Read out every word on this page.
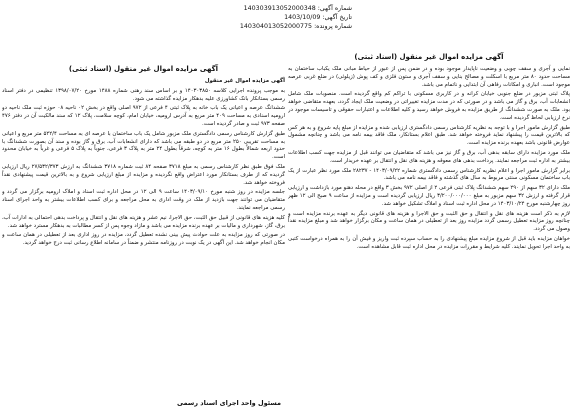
شماره آگهی: 140303913052000348
تاریخ آگهی: 1403/10/09
شماره پرونده: 140304013052000775
آگهی مزایده اموال غیر منقول (اسناد ثبتی)

نمایی و آجری و سقف چوبی و وضعیت ناپایدار موجود بوده و در ضمن پس از عبور از حیاط مبانی ملک یکباب ساختمان به مساحت حدود ۸۰ متر مربع با اسکلت و مصالح بنایی و سقف آجری و ستون فلزی و کف پوش (زیلوئی) در ضلع غربی عرصه موجود است. انباری و امکانات رفاهی آن ابتدایی و ناتمام می باشد.

پلاک ثبتی مزبور در ضلع جنوبی خیابان کرانه و در کاربری مسکونی با تراکم کم واقع گردیده است. منصوبات ملک شامل انشعابات آب، برق و گاز می باشد و در صورتی که در مدت مزایده تغییراتی در وضعیت ملک ایجاد گردد، بعهده متقاضی خواهد بود. ملک به صورت ششدانگ از طریق مزایده به فروش خواهد رسید و کلیه اطلاعات و اعتبارات حقوقی و تاسیسات موجود در نرخ ارزیابی لحاظ گردیده است.

طبق گزارش مامور اجرا و با توجه به نظریه کارشناس رسمی دادگستری ارزیابی شده و مزایده از مبلغ پایه شروع و به هر کس که بالاترین قیمت را پیشنهاد نماید فروخته خواهد شد. طبق اعلام بستانکار، ملک فاقد بیمه نامه می باشد و چنانچه مشمول عوارض قانونی باشد بعهده برنده مزایده است.

ملک مورد مزایده دارای سابقه بدهی آب، برق و گاز نیز می باشد که متقاضیان می توانند قبل از مزایده جهت کسب اطلاعات بیشتر به اداره ثبت مراجعه نمایند. پرداخت بدهی های معوقه و هزینه های نقل و انتقال بر عهده خریدار است.

برابر گزارش مامور اجرا و اعلام نظریه کارشناس رسمی دادگستری شماره ۱۴۰۳/۰۹/۲۲ - ۲۸۲۳۷ ملک مورد نظر عبارت از یک باب ساختمان مسکونی سنتی مربوط به سال های گذشته و فاقد بیمه نامه می باشد.

ملک دارای ۳۲ سهم از ۲۹۰ سهم ششدانگ پلاک ثبتی فرعی ۲ از اصلی ۹۷۲ بخش ۳ واقع در محله دهنو مورد بازداشت و ارزیابی قرار گرفته و ارزش ۳۲ سهم مزبور به مبلغ ۳/۲۰۰/۰۰۰/۰۰۰ ریال ارزیابی گردیده است و مزایده از ساعت ۹ صبح الی ۱۲ ظهر روز چهارشنبه مورخ ۱۴۰۳/۱۰/۲۴ در محل اداره ثبت اسناد و املاک تشکیل خواهد شد.

لازم به ذکر است هزینه های نقل و انتقال و حق الثبت و حق الاجرا و هزینه های قانونی دیگر به عهده برنده مزایده است و چنانچه روز مزایده تعطیل رسمی گردد مزایده روز بعد از تعطیلی در همان ساعت و مکان برگزار خواهد شد و مبلغ مزایده نقداً وصول می گردد.

خواهان مزایده باید قبل از شروع مزایده مبلغ پیشنهادی را به حساب سپرده ثبت واریز و فیش آن را به همراه درخواست کتبی به واحد اجرا تحویل نمایند. کلیه شرایط و مقررات مزایده در محل اداره ثبت قابل مشاهده است.

آگهی مزایده اموال غیر منقول (اسناد ثبتی)

آگهی مزایده اموال غیر منقول

به موجب پرونده اجرایی کلاسه ۱۴۰۳۰۳۸۵۰ و بر اساس سند رهنی شماره ۱۴۸۸ مورخ ۱۳۹۸/۰۷/۲۰ تنظیمی در دفتر اسناد رسمی بستانکار بانک کشاورزی علیه بدهکار مزایده گذاشته می شود.

ششدانگ عرصه و اعیانی یک باب خانه به پلاک ثبتی ۴ فرعی از ۹۷۲ اصلی واقع در بخش ۰۲ ناحیه ۰۸ حوزه ثبت ملک ناحیه دو ارومیه اسنادی به مساحت ۴۰۹ متر مربع به آدرس ارومیه، خیابان امام، کوچه سلامت، پلاک ۱۲ که سند مالکیت آن در دفتر ۴۷۶ صفحه ۹۷۳ ثبت و صادر گردیده است.

طبق گزارش کارشناس رسمی دادگستری ملک مزبور شامل یک باب ساختمان با عرصه ای به مساحت ۵۲۲/۴ متر مربع و اعیانی به مساحت تقریبی ۲۵۰ متر مربع در دو طبقه می باشد که دارای انشعابات آب، برق و گاز بوده و سند آن بصورت ششدانگ با حدود اربعه شمالاً بطول ۱۶ متر به کوچه، شرقاً بطول ۲۴ متر به پلاک ۳ فرعی، جنوباً به پلاک ۵ فرعی و غرباً به خیابان محدود است.

ملک فوق طبق نظر کارشناس رسمی به مبلغ ۳۷۱۸ صفحه ۸۴ ثبت شماره ۳۷۱۸ ششدانگ به ارزش ۲۷/۵۳۲/۳۷۳ ریال ارزیابی گردیده که از طرف بستانکار مورد اعتراض واقع نگردیده و مزایده از مبلغ ارزیابی شروع و به بالاترین قیمت پیشنهادی نقداً فروخته خواهد شد.

جلسه مزایده در روز شنبه مورخ ۱۴۰۳/۰۹/۱۰ ساعت ۹ الی ۱۲ در محل اداره ثبت اسناد و املاک ارومیه برگزار می گردد و متقاضیان می توانند جهت بازدید از ملک در وقت اداری به محل مراجعه و برای کسب اطلاعات بیشتر به واحد اجرای اسناد رسمی مراجعه نمایند.

کلیه هزینه های قانونی از قبیل حق الثبت، حق الاجرا، نیم عشر و هزینه های نقل و انتقال و پرداخت بدهی احتمالی به ادارات آب، برق، گاز، شهرداری و مالیات بر عهده برنده مزایده می باشد و مازاد وجوه پس از کسر مطالبات به بدهکار مسترد خواهد شد.

در صورتی که روز مزایده به علت حوادث پیش بینی نشده تعطیل گردد، مزایده در روز اداری بعد از تعطیلی در همان ساعت و مکان انجام خواهد شد. این آگهی در یک نوبت در روزنامه منتشر و ضمناً در سامانه اطلاع رسانی ثبت درج خواهد گردید.

مسئول واحد اجرای اسناد رسمی
